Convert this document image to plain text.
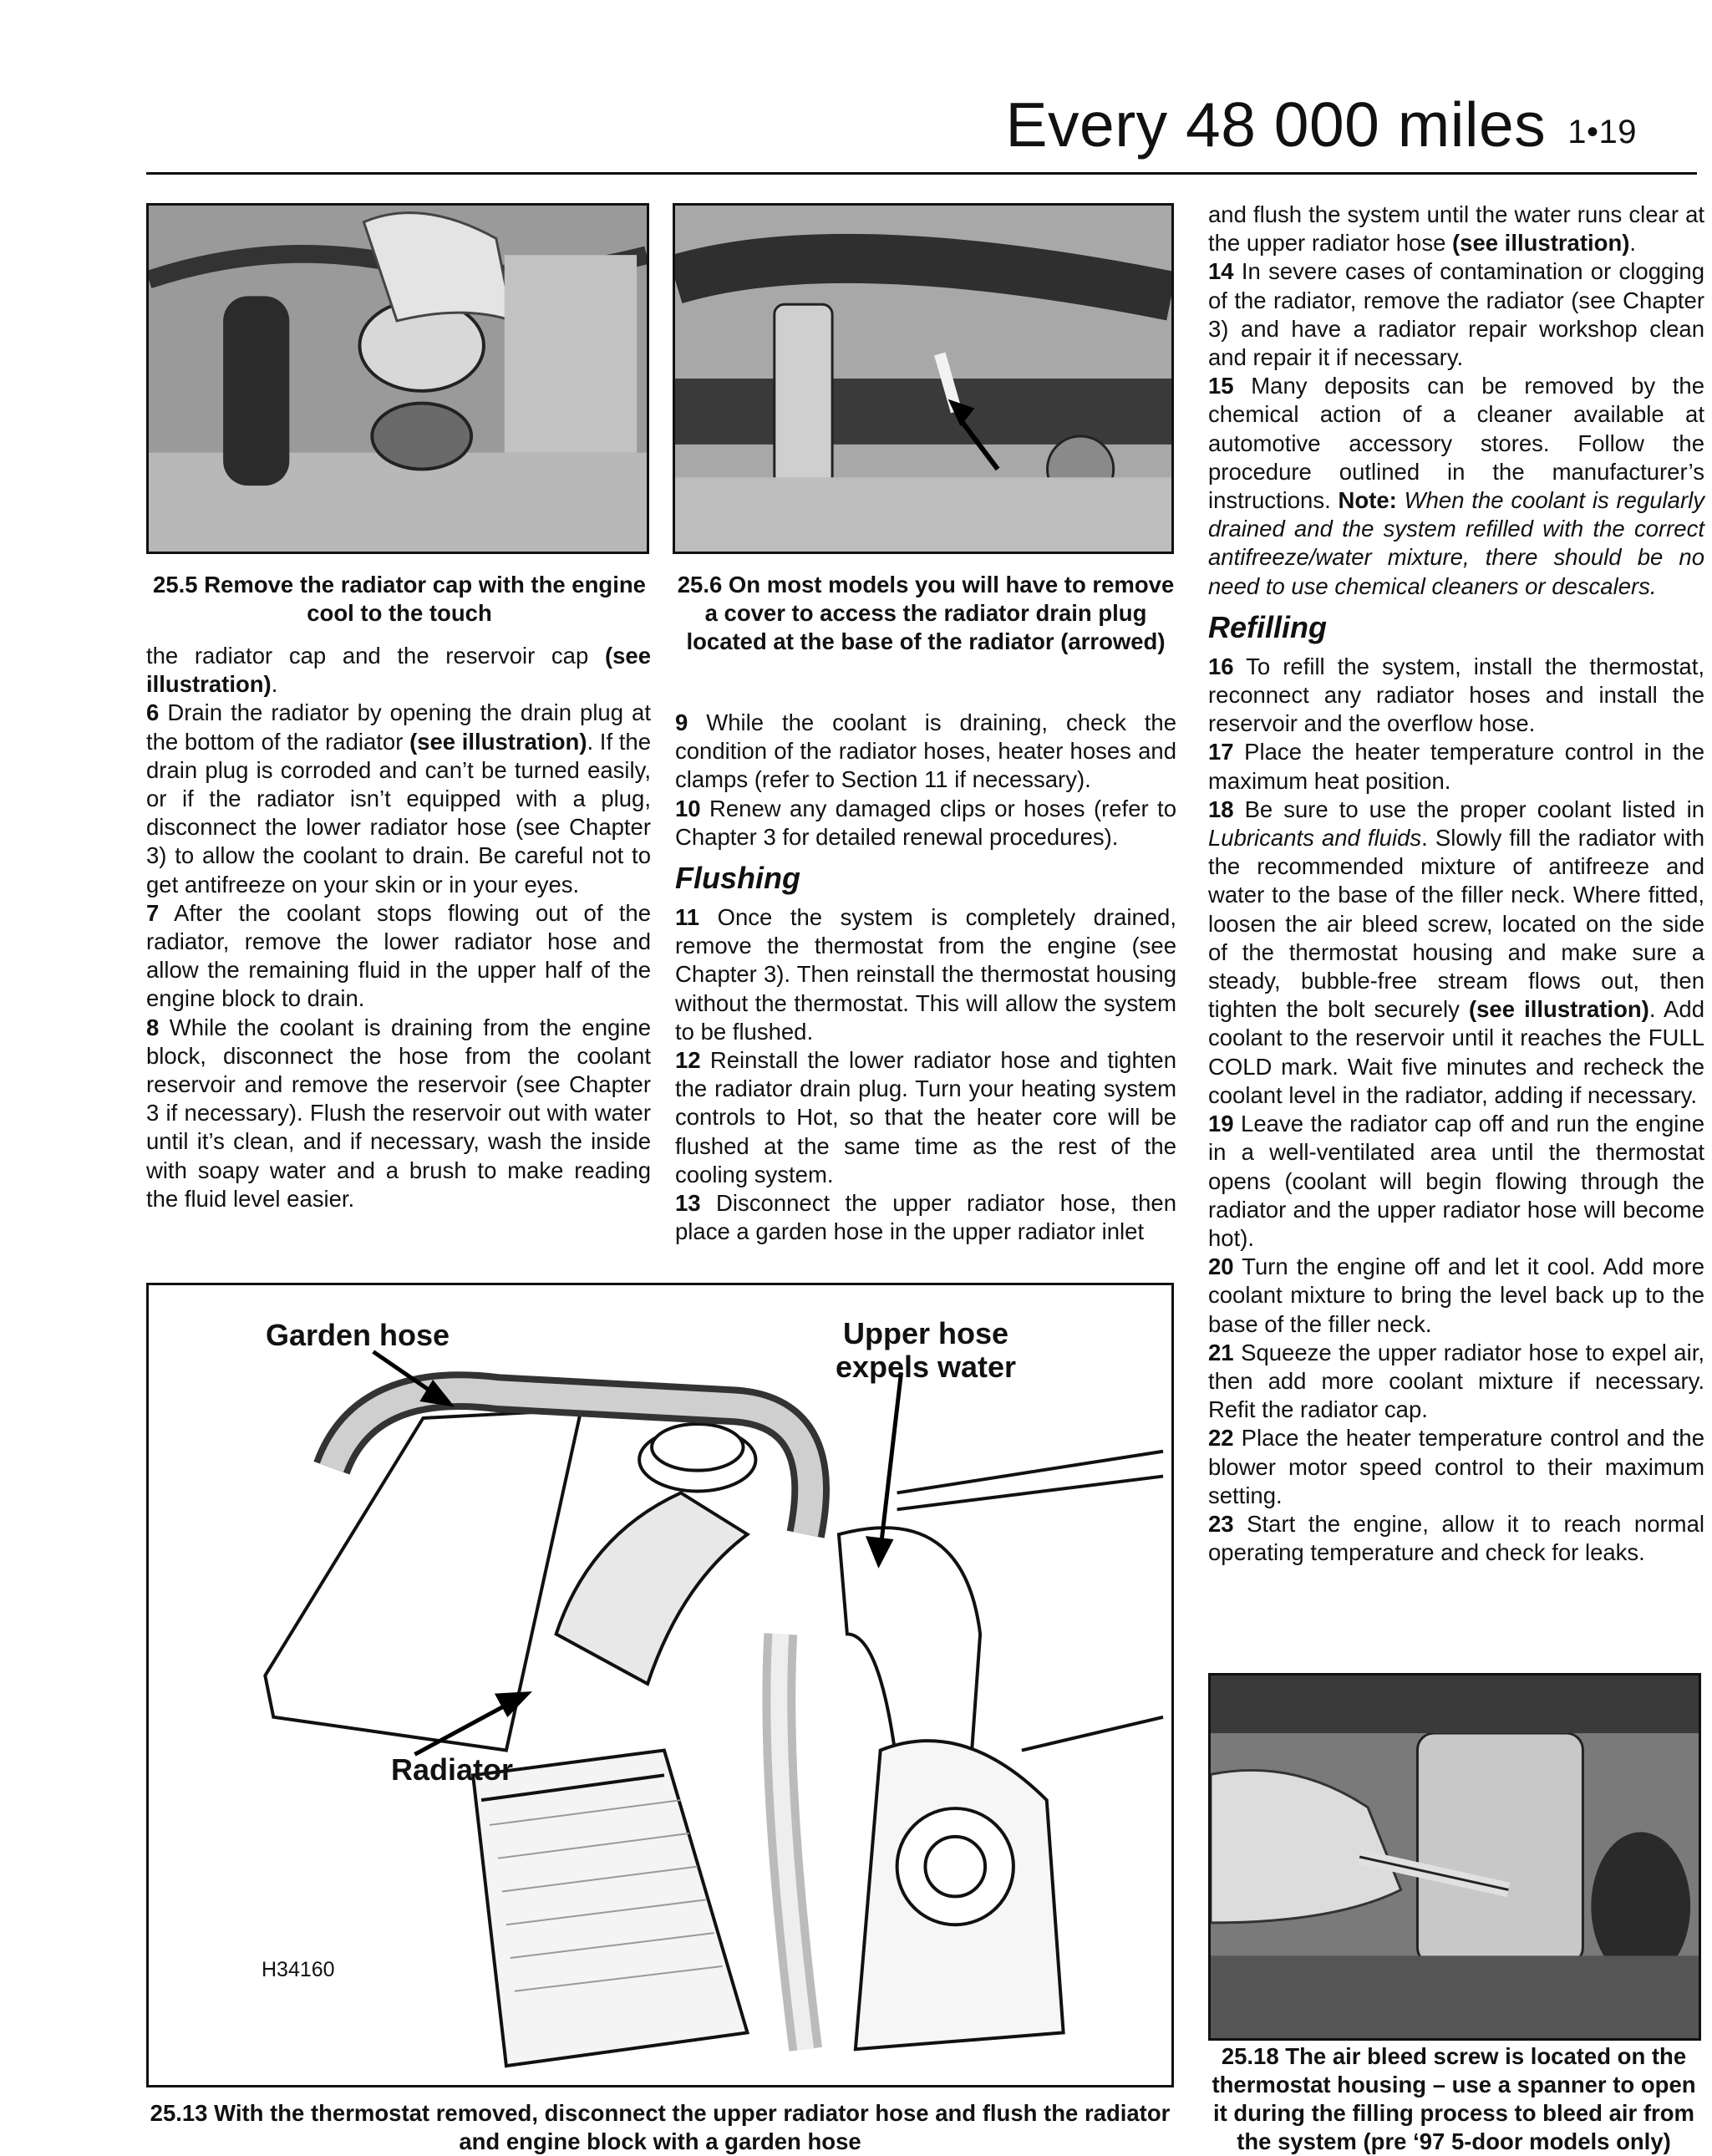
Every 48 000 miles 1•19
25.5 Remove the radiator cap with the engine cool to the touch
25.6 On most models you will have to remove a cover to access the radiator drain plug located at the base of the radiator (arrowed)

the radiator cap and the reservoir cap (see illustration).

6 Drain the radiator by opening the drain plug at the bottom of the radiator (see illustration). If the drain plug is corroded and can’t be turned easily, or if the radiator isn’t equipped with a plug, disconnect the lower radiator hose (see Chapter 3) to allow the coolant to drain. Be careful not to get antifreeze on your skin or in your eyes.

7 After the coolant stops flowing out of the radiator, remove the lower radiator hose and allow the remaining fluid in the upper half of the engine block to drain.

8 While the coolant is draining from the engine block, disconnect the hose from the coolant reservoir and remove the reservoir (see Chapter 3 if necessary). Flush the reservoir out with water until it’s clean, and if necessary, wash the inside with soapy water and a brush to make reading the fluid level easier.

9 While the coolant is draining, check the condition of the radiator hoses, heater hoses and clamps (refer to Section 11 if necessary).

10 Renew any damaged clips or hoses (refer to Chapter 3 for detailed renewal procedures).

Flushing

11 Once the system is completely drained, remove the thermostat from the engine (see Chapter 3). Then reinstall the thermostat housing without the thermostat. This will allow the system to be flushed.

12 Reinstall the lower radiator hose and tighten the radiator drain plug. Turn your heating system controls to Hot, so that the heater core will be flushed at the same time as the rest of the cooling system.

13 Disconnect the upper radiator hose, then place a garden hose in the upper radiator inlet

and flush the system until the water runs clear at the upper radiator hose (see illustration).

14 In severe cases of contamination or clogging of the radiator, remove the radiator (see Chapter 3) and have a radiator repair workshop clean and repair it if necessary.

15 Many deposits can be removed by the chemical action of a cleaner available at automotive accessory stores. Follow the procedure outlined in the manufacturer’s instructions. Note: When the coolant is regularly drained and the system refilled with the correct antifreeze/water mixture, there should be no need to use chemical cleaners or descalers.

Refilling

16 To refill the system, install the thermostat, reconnect any radiator hoses and install the reservoir and the overflow hose.

17 Place the heater temperature control in the maximum heat position.

18 Be sure to use the proper coolant listed in Lubricants and fluids. Slowly fill the radiator with the recommended mixture of antifreeze and water to the base of the filler neck. Where fitted, loosen the air bleed screw, located on the side of the thermostat housing and make sure a steady, bubble-free stream flows out, then tighten the bolt securely (see illustration). Add coolant to the reservoir until it reaches the FULL COLD mark. Wait five minutes and recheck the coolant level in the radiator, adding if necessary.

19 Leave the radiator cap off and run the engine in a well-ventilated area until the thermostat opens (coolant will begin flowing through the radiator and the upper radiator hose will become hot).

20 Turn the engine off and let it cool. Add more coolant mixture to bring the level back up to the base of the filler neck.

21 Squeeze the upper radiator hose to expel air, then add more coolant mixture if necessary. Refit the radiator cap.

22 Place the heater temperature control and the blower motor speed control to their maximum setting.

23 Start the engine, allow it to reach normal operating temperature and check for leaks.

Garden hose	Upper hose
expels water
Radiator
H34160
25.13 With the thermostat removed, disconnect the upper radiator hose and flush the radiator and engine block with a garden hose
25.18 The air bleed screw is located on the thermostat housing – use a spanner to open it during the filling process to bleed air from the system (pre ‘97 5-door models only)
